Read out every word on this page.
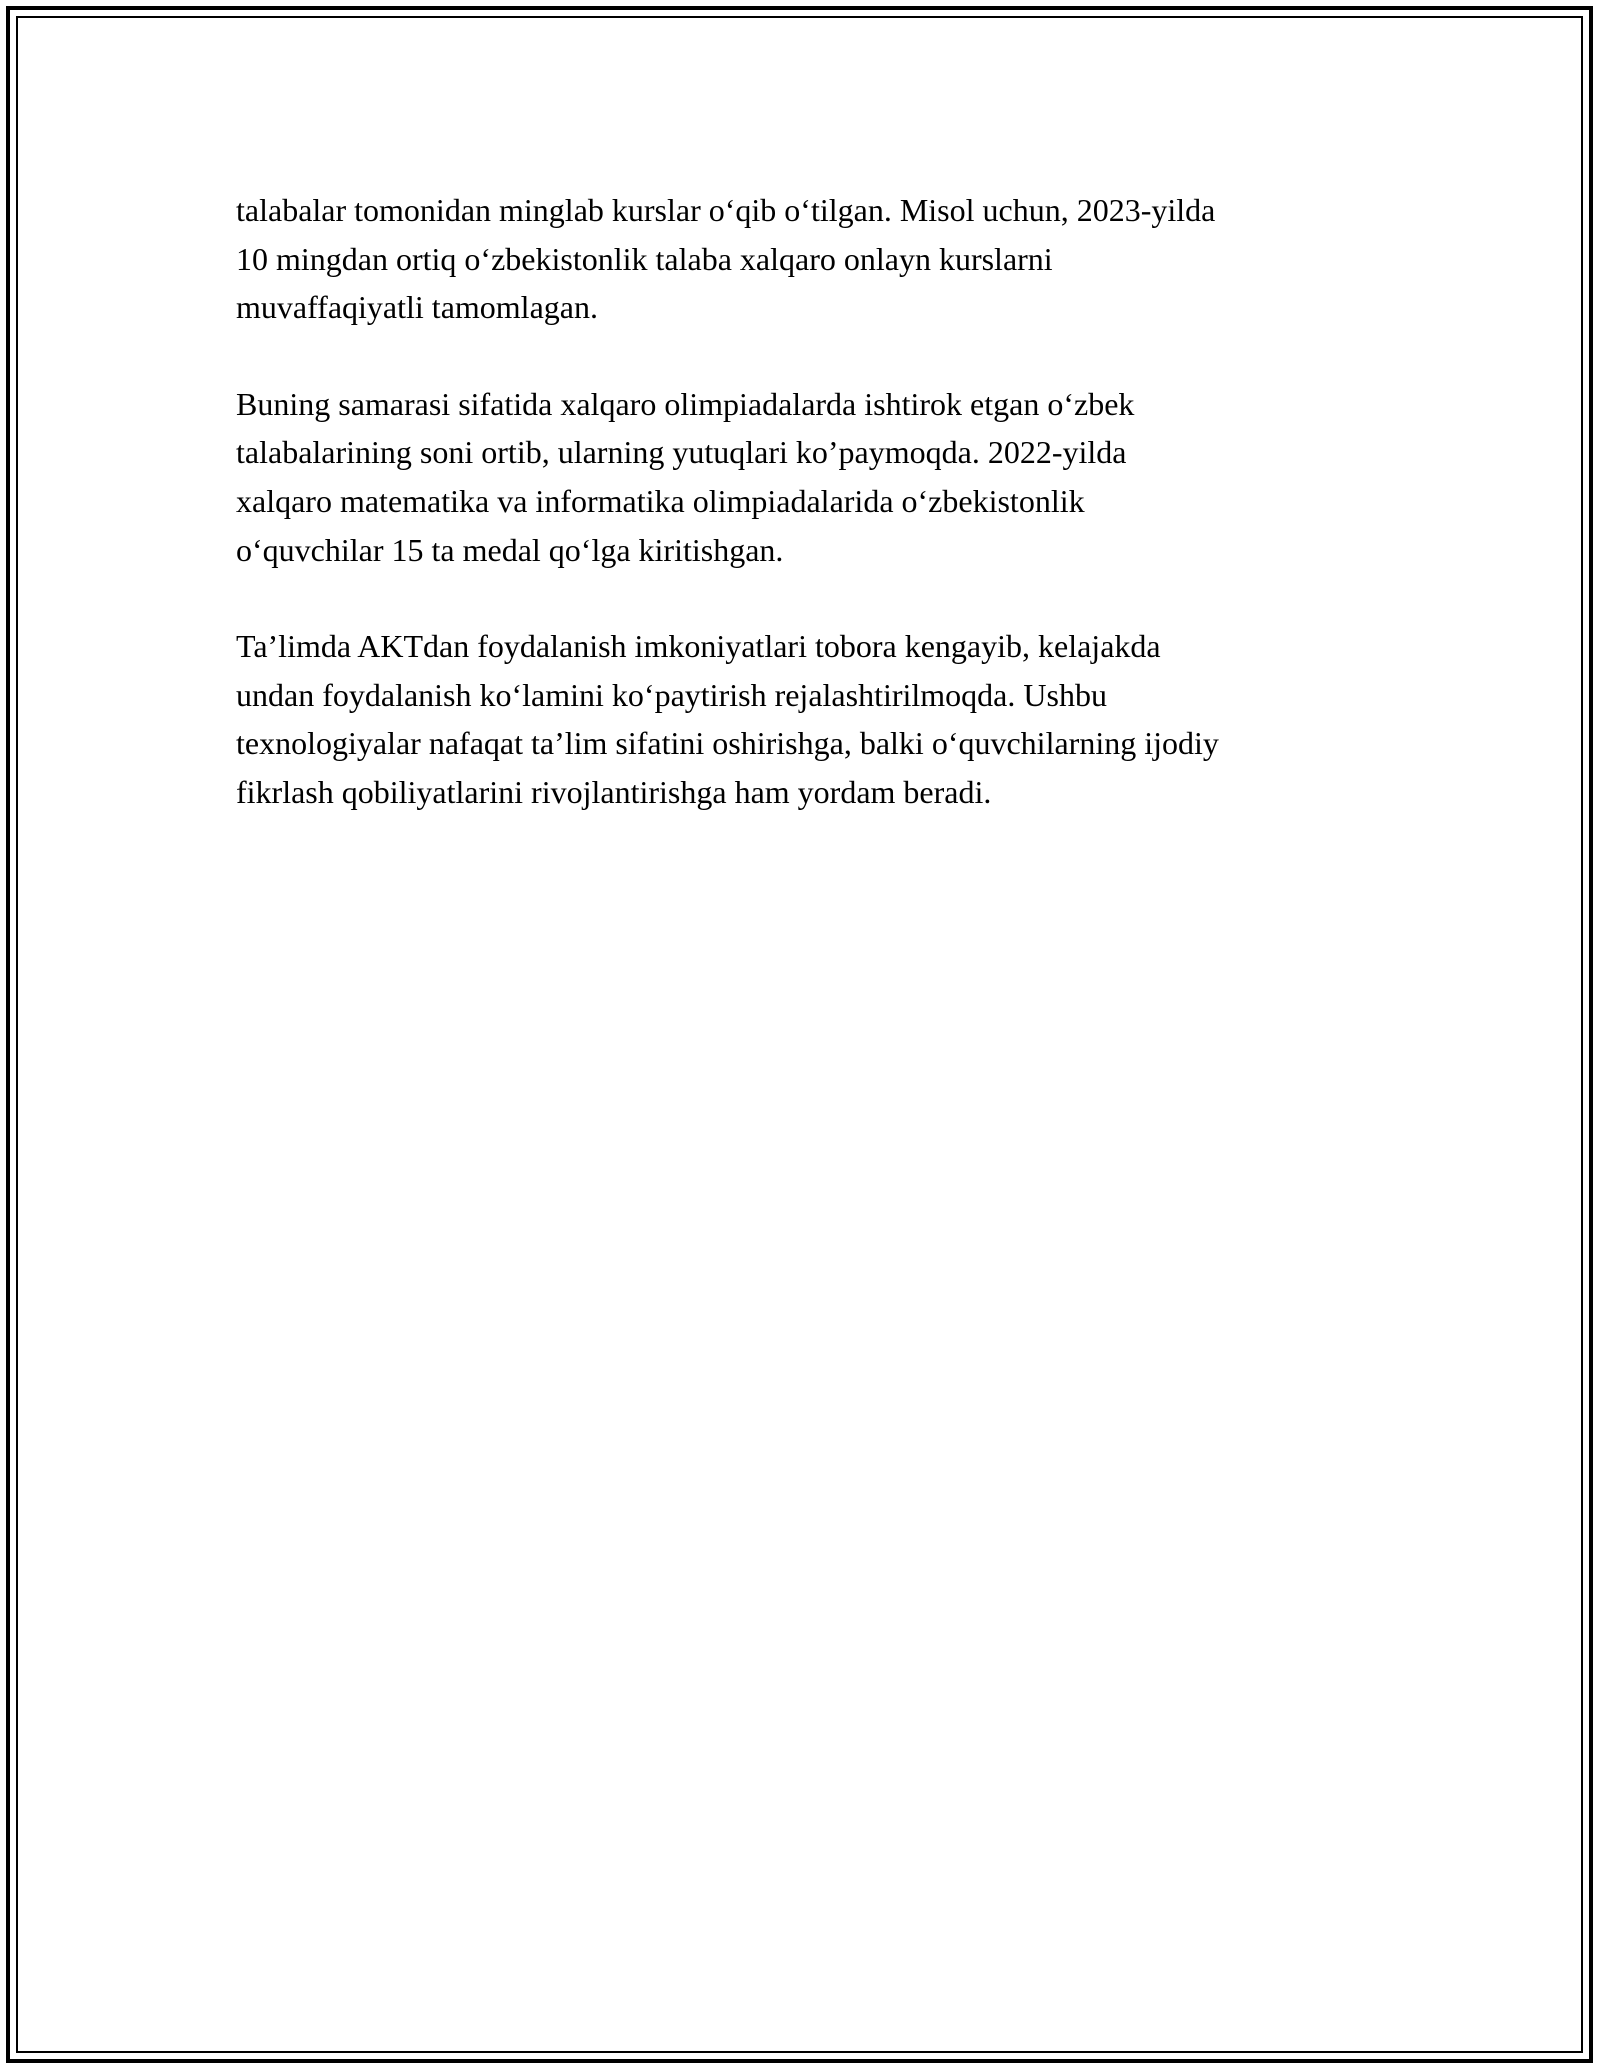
talabalar tomonidan minglab kurslar o‘qib o‘tilgan. Misol uchun, 2023-yilda
10 mingdan ortiq o‘zbekistonlik talaba xalqaro onlayn kurslarni
muvaffaqiyatli tamomlagan.

Buning samarasi sifatida xalqaro olimpiadalarda ishtirok etgan o‘zbek
talabalarining soni ortib, ularning yutuqlari ko’paymoqda. 2022-yilda
xalqaro matematika va informatika olimpiadalarida o‘zbekistonlik
o‘quvchilar 15 ta medal qo‘lga kiritishgan.

Ta’limda AKTdan foydalanish imkoniyatlari tobora kengayib, kelajakda
undan foydalanish ko‘lamini ko‘paytirish rejalashtirilmoqda. Ushbu
texnologiyalar nafaqat ta’lim sifatini oshirishga, balki o‘quvchilarning ijodiy
fikrlash qobiliyatlarini rivojlantirishga ham yordam beradi.
